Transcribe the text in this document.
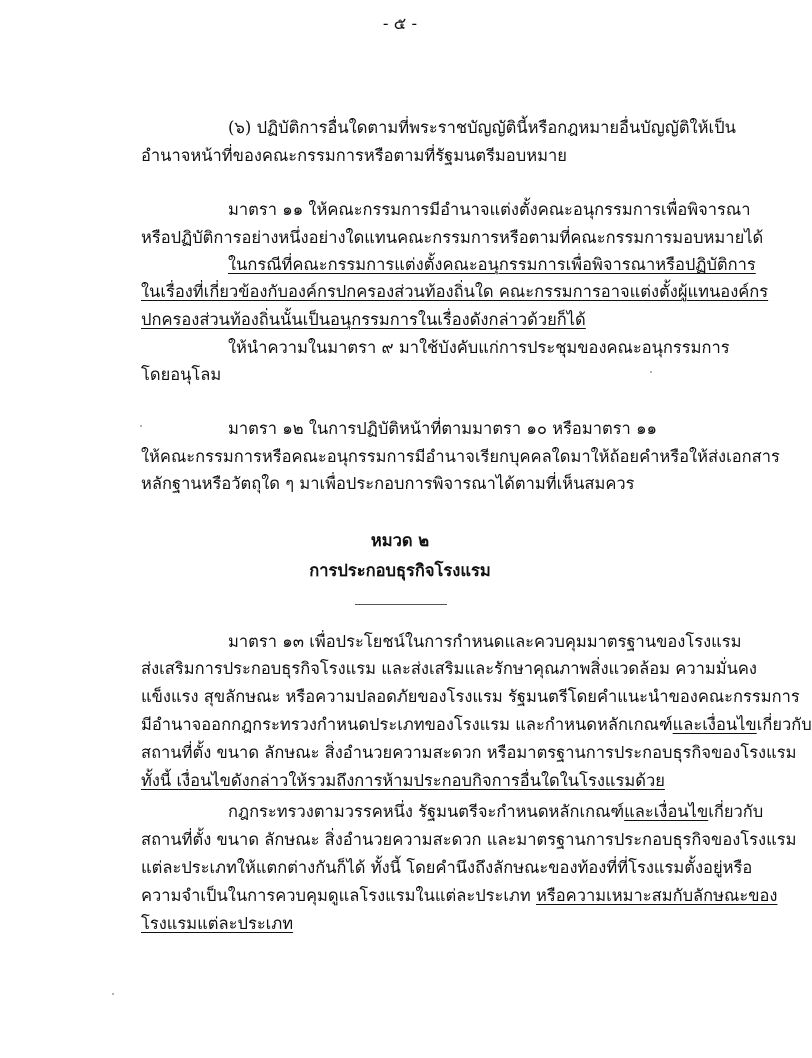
- ๕ -
(๖) ปฏิบัติการอื่นใดตามที่พระราชบัญญัตินี้หรือกฎหมายอื่นบัญญัติให้เป็น
อำนาจหน้าที่ของคณะกรรมการหรือตามที่รัฐมนตรีมอบหมาย
มาตรา ๑๑ ให้คณะกรรมการมีอำนาจแต่งตั้งคณะอนุกรรมการเพื่อพิจารณา
หรือปฏิบัติการอย่างหนึ่งอย่างใดแทนคณะกรรมการหรือตามที่คณะกรรมการมอบหมายได้
ในกรณีที่คณะกรรมการแต่งตั้งคณะอนุกรรมการเพื่อพิจารณาหรือปฏิบัติการ
ในเรื่องที่เกี่ยวข้องกับองค์กรปกครองส่วนท้องถิ่นใด คณะกรรมการอาจแต่งตั้งผู้แทนองค์กร
ปกครองส่วนท้องถิ่นนั้นเป็นอนุกรรมการในเรื่องดังกล่าวด้วยก็ได้
ให้นำความในมาตรา ๙ มาใช้บังคับแก่การประชุมของคณะอนุกรรมการ
โดยอนุโลม
มาตรา ๑๒ ในการปฏิบัติหน้าที่ตามมาตรา ๑๐ หรือมาตรา ๑๑
ให้คณะกรรมการหรือคณะอนุกรรมการมีอำนาจเรียกบุคคลใดมาให้ถ้อยคำหรือให้ส่งเอกสาร
หลักฐานหรือวัตถุใด ๆ มาเพื่อประกอบการพิจารณาได้ตามที่เห็นสมควร
หมวด ๒
การประกอบธุรกิจโรงแรม
มาตรา ๑๓ เพื่อประโยชน์ในการกำหนดและควบคุมมาตรฐานของโรงแรม
ส่งเสริมการประกอบธุรกิจโรงแรม และส่งเสริมและรักษาคุณภาพสิ่งแวดล้อม ความมั่นคง
แข็งแรง สุขลักษณะ หรือความปลอดภัยของโรงแรม รัฐมนตรีโดยคำแนะนำของคณะกรรมการ
มีอำนาจออกกฎกระทรวงกำหนดประเภทของโรงแรม และกำหนดหลักเกณฑ์และเงื่อนไขเกี่ยวกับ
สถานที่ตั้ง ขนาด ลักษณะ สิ่งอำนวยความสะดวก หรือมาตรฐานการประกอบธุรกิจของโรงแรม
ทั้งนี้ เงื่อนไขดังกล่าวให้รวมถึงการห้ามประกอบกิจการอื่นใดในโรงแรมด้วย
กฎกระทรวงตามวรรคหนึ่ง รัฐมนตรีจะกำหนดหลักเกณฑ์และเงื่อนไขเกี่ยวกับ
สถานที่ตั้ง ขนาด ลักษณะ สิ่งอำนวยความสะดวก และมาตรฐานการประกอบธุรกิจของโรงแรม
แต่ละประเภทให้แตกต่างกันก็ได้ ทั้งนี้ โดยคำนึงถึงลักษณะของท้องที่ที่โรงแรมตั้งอยู่หรือ
ความจำเป็นในการควบคุมดูแลโรงแรมในแต่ละประเภท หรือความเหมาะสมกับลักษณะของ
โรงแรมแต่ละประเภท
